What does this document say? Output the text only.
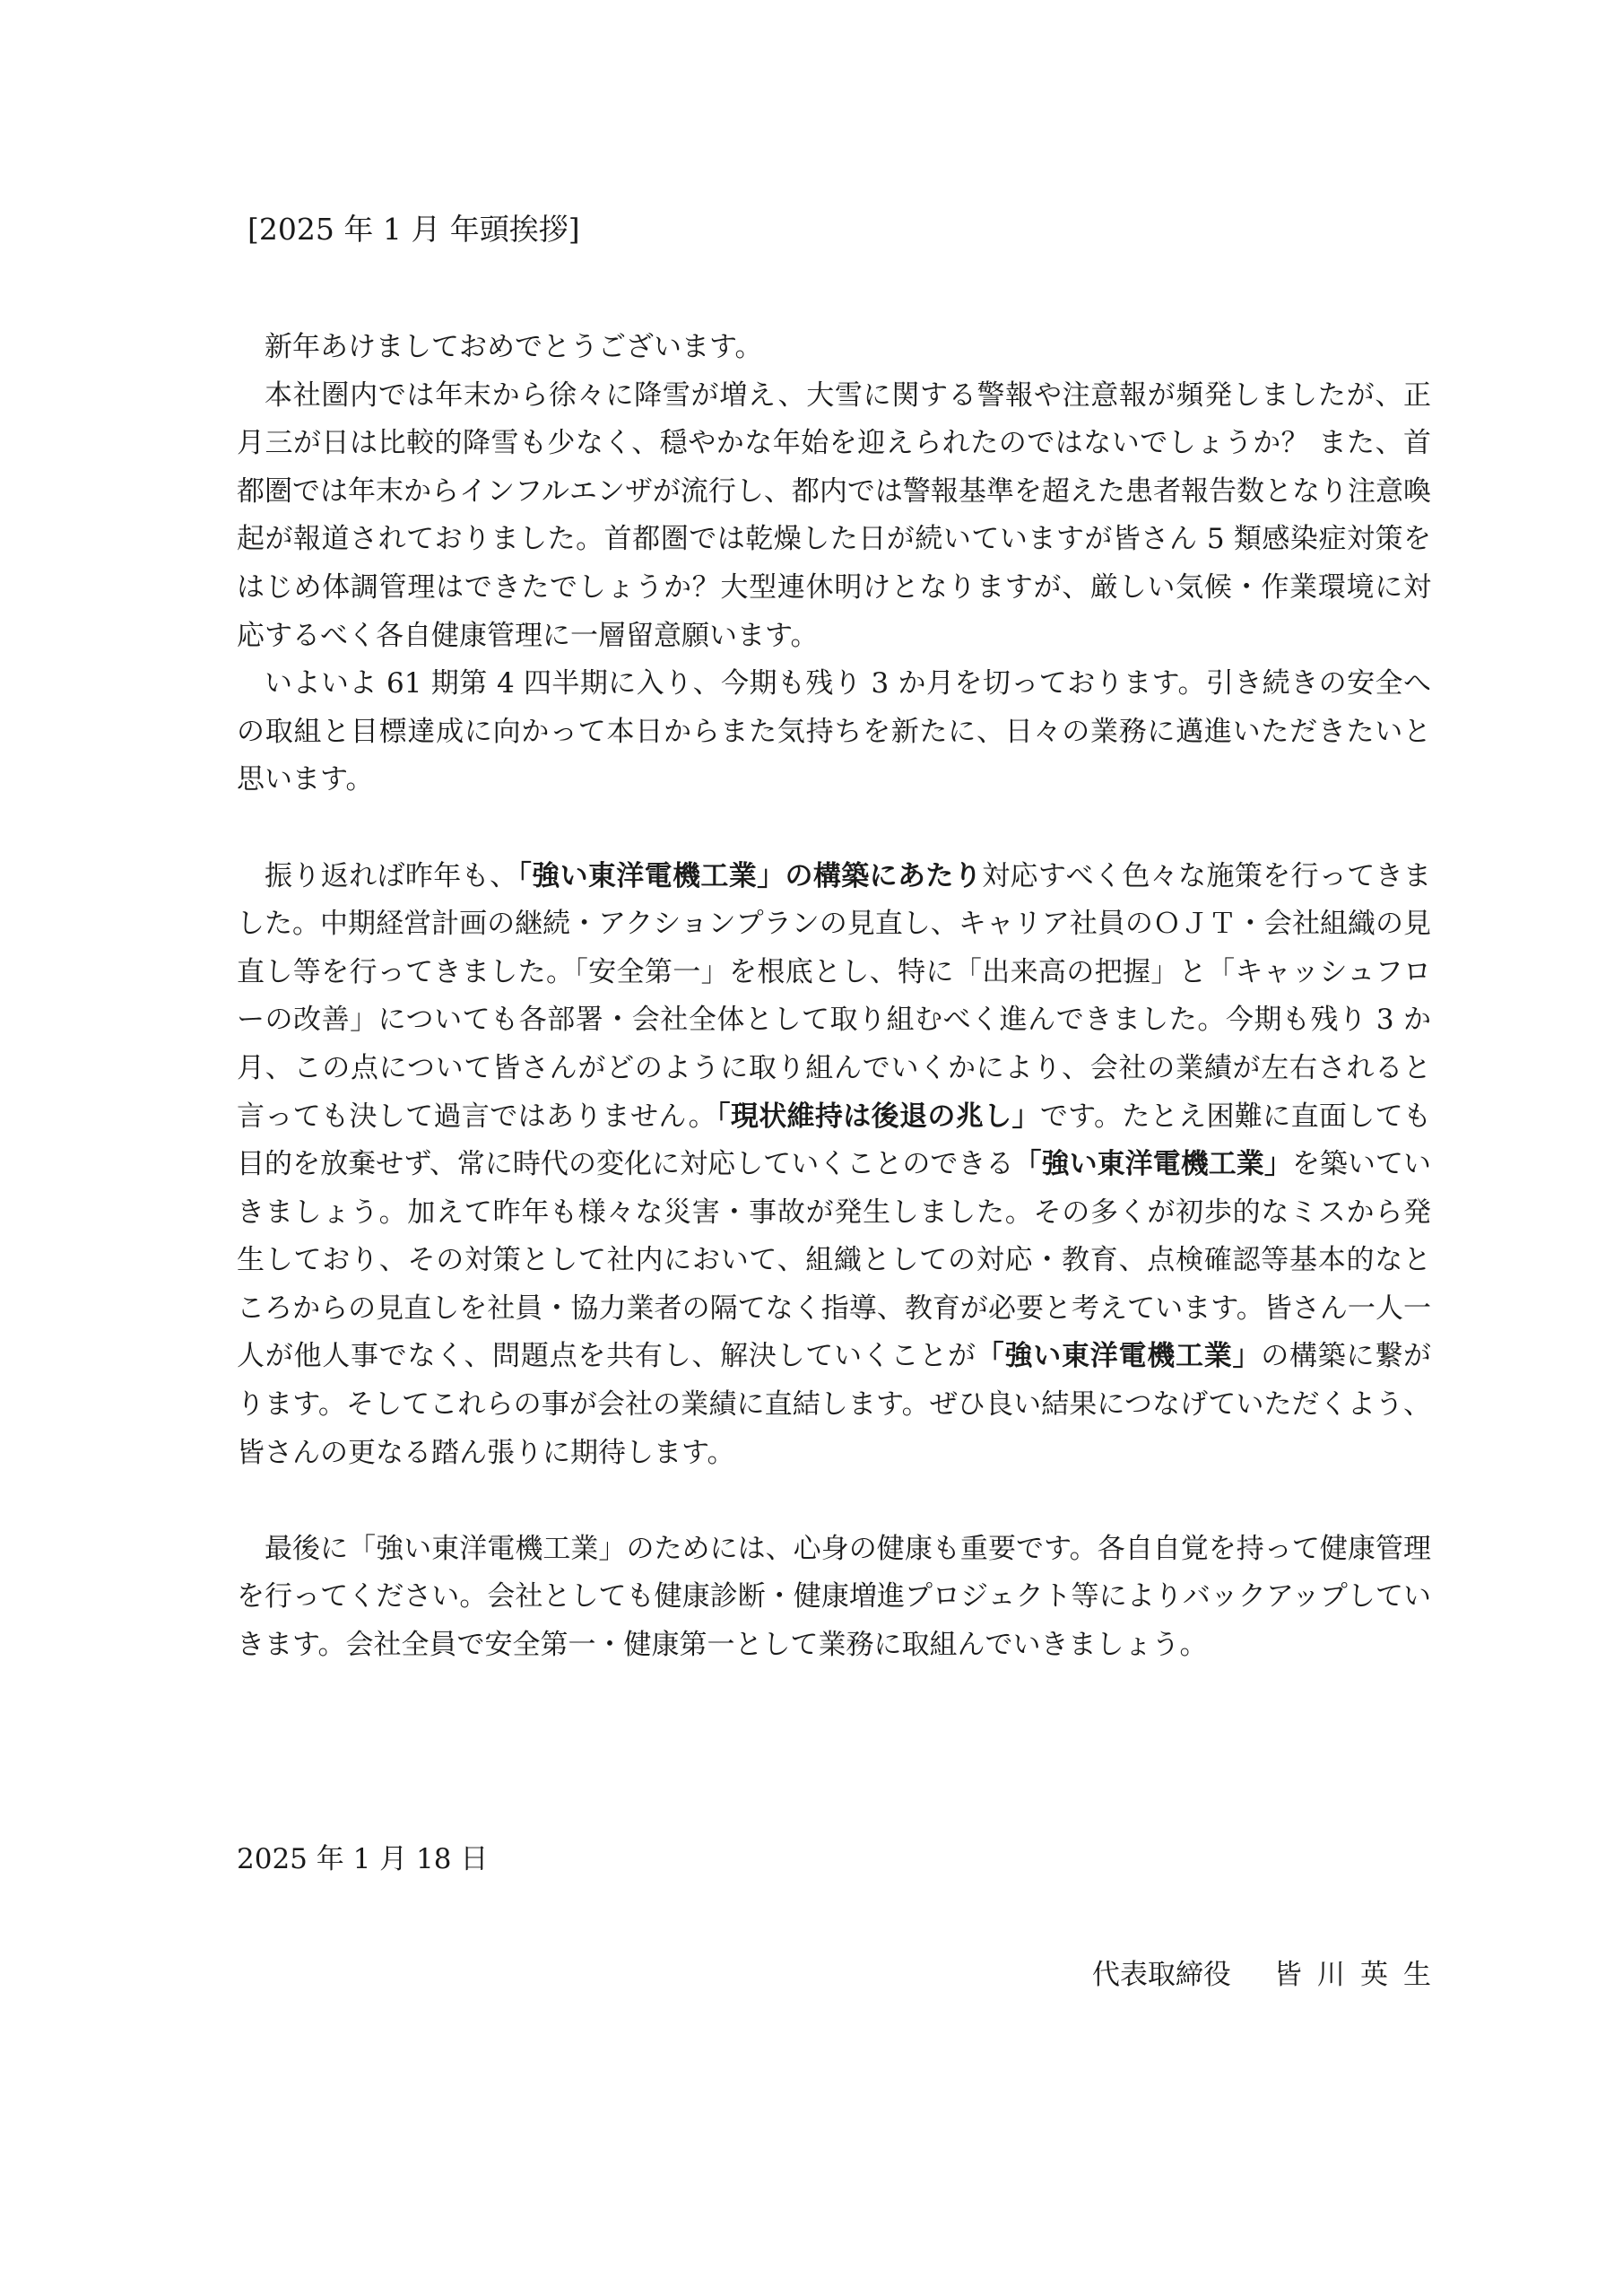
[2025 年 1 月 年頭挨拶]

新年あけましておめでとうございます。

本社圏内では年末から徐々に降雪が増え、大雪に関する警報や注意報が頻発しましたが、正月三が日は比較的降雪も少なく、穏やかな年始を迎えられたのではないでしょうか？ また、首都圏では年末からインフルエンザが流行し、都内では警報基準を超えた患者報告数となり注意喚起が報道されておりました。首都圏では乾燥した日が続いていますが皆さん 5 類感染症対策をはじめ体調管理はできたでしょうか？大型連休明けとなりますが、厳しい気候・作業環境に対応するべく各自健康管理に一層留意願います。

いよいよ 61 期第 4 四半期に入り、今期も残り 3 か月を切っております。引き続きの安全への取組と目標達成に向かって本日からまた気持ちを新たに、日々の業務に邁進いただきたいと思います。

振り返れば昨年も、「強い東洋電機工業」の構築にあたり対応すべく色々な施策を行ってきました。中期経営計画の継続・アクションプランの見直し、キャリア社員のＯＪＴ・会社組織の見直し等を行ってきました。「安全第一」を根底とし、特に「出来高の把握」と「キャッシュフローの改善」についても各部署・会社全体として取り組むべく進んできました。今期も残り 3 か月、この点について皆さんがどのように取り組んでいくかにより、会社の業績が左右されると言っても決して過言ではありません。「現状維持は後退の兆し」です。たとえ困難に直面しても目的を放棄せず、常に時代の変化に対応していくことのできる「強い東洋電機工業」を築いていきましょう。加えて昨年も様々な災害・事故が発生しました。その多くが初歩的なミスから発生しており、その対策として社内において、組織としての対応・教育、点検確認等基本的なところからの見直しを社員・協力業者の隔てなく指導、教育が必要と考えています。皆さん一人一人が他人事でなく、問題点を共有し、解決していくことが「強い東洋電機工業」の構築に繋がります。そしてこれらの事が会社の業績に直結します。ぜひ良い結果につなげていただくよう、皆さんの更なる踏ん張りに期待します。

最後に「強い東洋電機工業」のためには、心身の健康も重要です。各自自覚を持って健康管理を行ってください。会社としても健康診断・健康増進プロジェクト等によりバックアップしていきます。会社全員で安全第一・健康第一として業務に取組んでいきましょう。

2025 年 1 月 18 日
代表取締役 皆川英生
